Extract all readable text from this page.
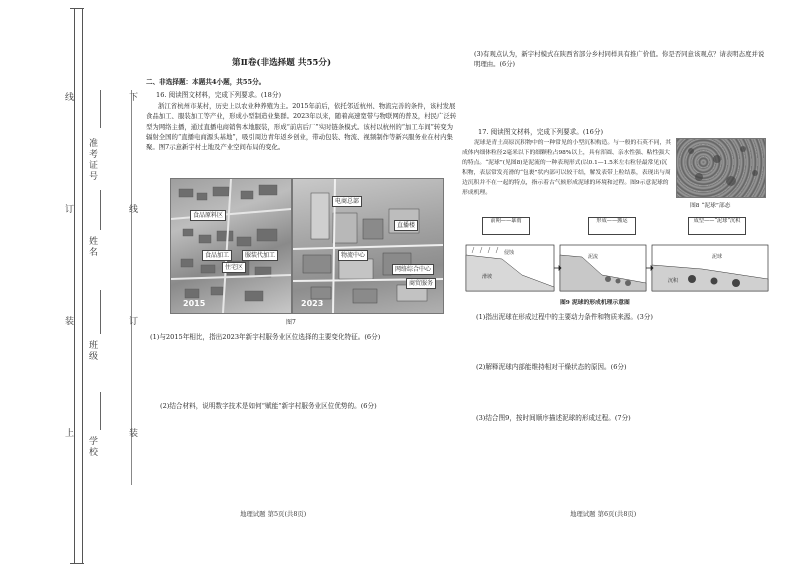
准考证号
姓名
班级
学校
线
订
装
上
下
线
订
装
第Ⅱ卷(非选择题 共55分)
二、非选择题：本题共4小题，共55分。
16. 阅读图文材料，完成下列要求。(18分)
浙江省杭州市某村，历史上以农业种养殖为主。2015年前后，依托邻近杭州、物流完善的条件，该村发展食品加工、服装加工等产业，形成小型制造业集群。2023年以来，随着高速宽带与物联网的普及，村民广泛转型为网络主播，通过直播电商销售本地服装，形成“前店后厂”实时链条模式。该村以杭州的“加工车间”转变为辐射全国的“直播电商源头基地”，吸引周边青年返乡创业，带动包装、物流、视频制作等新兴服务业在村内集聚。图7示意新宇村土地及产业空间布局的变化。
2015	2023
食品原料区
食品加工	服装代加工
住宅区
电商总部
直播楼
物流中心
网络综合中心
商贸服务
图7
(1)与2015年相比，指出2023年新宇村服务业区位选择的主要变化特征。(6分)
(2)结合材料，说明数字技术是如何“赋能”新宇村服务业区位优势的。(6分)
地理试题 第5页(共8页)
(3)有观点认为，新宇村模式在陕西省部分乡村同样具有推广价值。你是否同意该观点？请表明态度并说明理由。(6分)
17. 阅读图文材料，完成下列要求。(16分)
泥球是青土高原沉积物中的一种常见的小型沉积构造。与一般的石英不同，其成体内细体粒径2毫米以下的细颗粒占98%以上，具有浑圆、亲水性强、粘性强大的特点。“泥球”(见图8)是泥流的一种表现形式(以0.1—1.5米左右粒径最常见)沉积物，表层常发亮滑的“包裹”状内部可以较干结，解发表带上粒结系，表现出与周边沉积并不在一起的特点，指示着古气候形成泥球的环境和过程。图9示意泥球的形成机理。
图8 “泥球”部态
前期——暴雨	形成——搬运	成型——“泥球”沉积
侵蚀
滑坡
泥流	泥球
沉积
图9 泥球的形成机理示意图
(1)指出泥球在形成过程中的主要动力条件和物质来源。(3分)
(2)解释泥球内部能维持相对干燥状态的原因。(6分)
(3)结合图9，按时间顺序描述泥球的形成过程。(7分)
地理试题 第6页(共8页)
